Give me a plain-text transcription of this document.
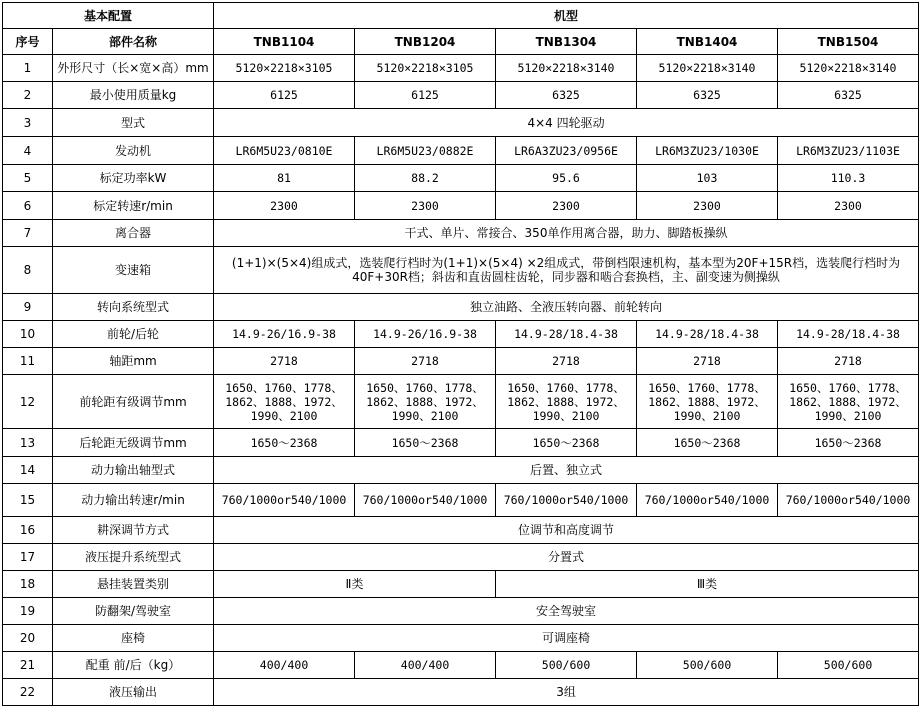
基本配置		机型				
序号	部件名称	TNB1104	TNB1204	TNB1304	TNB1404	TNB1504
1	外形尺寸（长×宽×高）mm	5120×2218×3105	5120×2218×3105	5120×2218×3140	5120×2218×3140	5120×2218×3140
2	最小使用质量kg	6125	6125	6325	6325	6325
3	型式	4×4 四轮驱动				
4	发动机	LR6M5U23/0810E	LR6M5U23/0882E	LR6A3ZU23/0956E	LR6M3ZU23/1030E	LR6M3ZU23/1103E
5	标定功率kW	81	88.2	95.6	103	110.3
6	标定转速r/min	2300	2300	2300	2300	2300
7	离合器	干式、单片、常接合、350单作用离合器，助力、脚踏板操纵				
8	变速箱	(1+1)×(5×4)组成式，选装爬行档时为(1+1)×(5×4) ×2组成式，带倒档限速机构，基本型为20F+15R档，选装爬行档时为40F+30R档；斜齿和直齿圆柱齿轮，同步器和啮合套换档，主、副变速为侧操纵				
9	转向系统型式	独立油路、全液压转向器、前轮转向				
10	前轮/后轮	14.9-26/16.9-38	14.9-26/16.9-38	14.9-28/18.4-38	14.9-28/18.4-38	14.9-28/18.4-38
11	轴距mm	2718	2718	2718	2718	2718
12	前轮距有级调节mm	1650、1760、1778、
1862、1888、1972、
1990、2100	1650、1760、1778、
1862、1888、1972、
1990、2100	1650、1760、1778、
1862、1888、1972、
1990、2100	1650、1760、1778、
1862、1888、1972、
1990、2100	1650、1760、1778、
1862、1888、1972、
1990、2100
13	后轮距无级调节mm	1650～2368	1650～2368	1650～2368	1650～2368	1650～2368
14	动力输出轴型式	后置、独立式				
15	动力输出转速r/min	760/1000or540/1000	760/1000or540/1000	760/1000or540/1000	760/1000or540/1000	760/1000or540/1000
16	耕深调节方式	位调节和高度调节				
17	液压提升系统型式	分置式				
18	悬挂装置类别	Ⅱ类		Ⅲ类		
19	防翻架/驾驶室	安全驾驶室				
20	座椅	可调座椅				
21	配重 前/后（kg）	400/400	400/400	500/600	500/600	500/600
22	液压输出	3组				
